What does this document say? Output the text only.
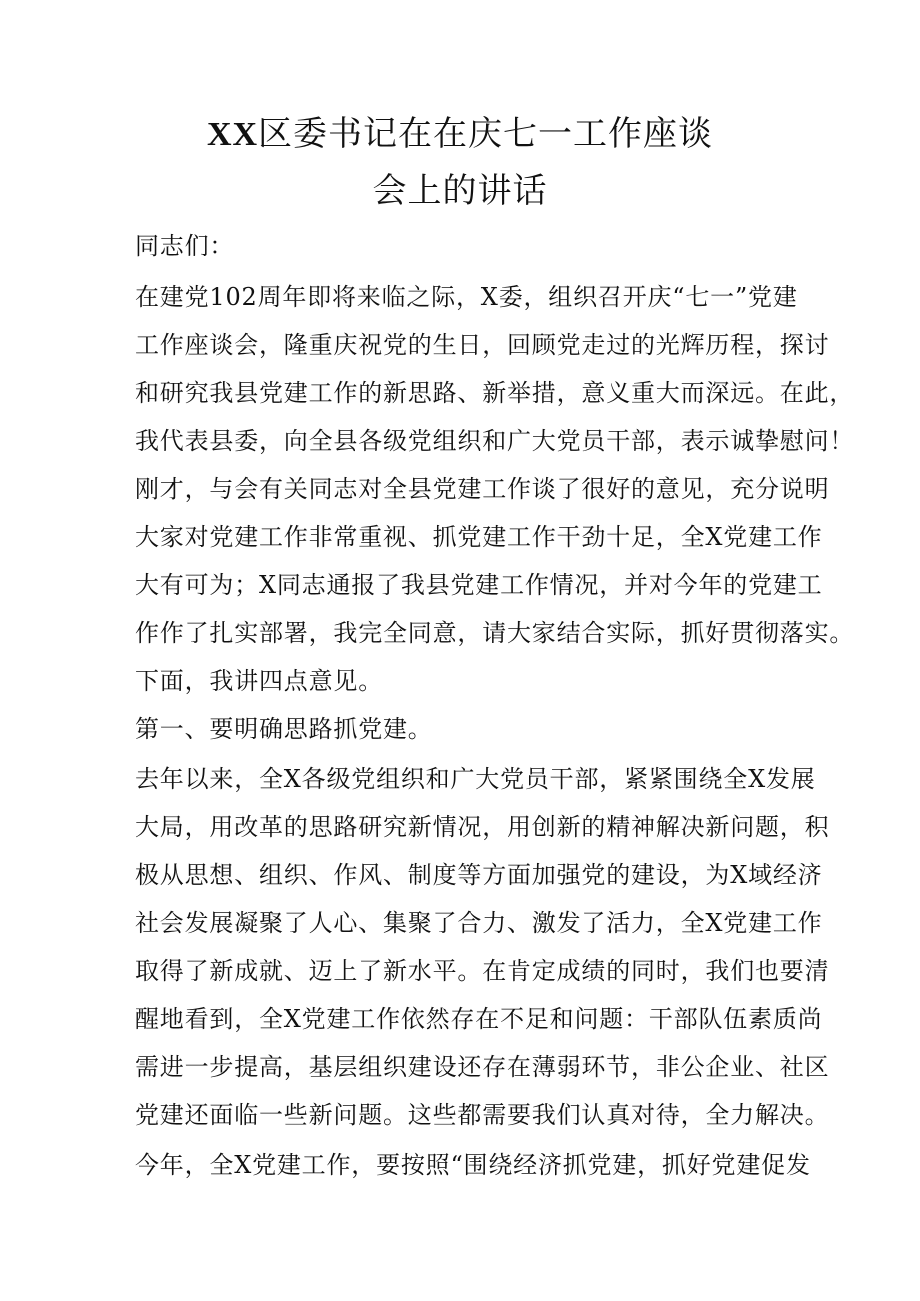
XX区委书记在在庆七一工作座谈
会上的讲话
同志们：
在建党102周年即将来临之际，X委，组织召开庆“七一”党建
工作座谈会，隆重庆祝党的生日，回顾党走过的光辉历程，探讨
和研究我县党建工作的新思路、新举措，意义重大而深远。在此，
我代表县委，向全县各级党组织和广大党员干部，表示诚挚慰问！
刚才，与会有关同志对全县党建工作谈了很好的意见，充分说明
大家对党建工作非常重视、抓党建工作干劲十足，全X党建工作
大有可为；X同志通报了我县党建工作情况，并对今年的党建工
作作了扎实部署，我完全同意，请大家结合实际，抓好贯彻落实。
下面，我讲四点意见。
第一、要明确思路抓党建。
去年以来，全X各级党组织和广大党员干部，紧紧围绕全X发展
大局，用改革的思路研究新情况，用创新的精神解决新问题，积
极从思想、组织、作风、制度等方面加强党的建设，为X域经济
社会发展凝聚了人心、集聚了合力、激发了活力，全X党建工作
取得了新成就、迈上了新水平。在肯定成绩的同时，我们也要清
醒地看到，全X党建工作依然存在不足和问题：干部队伍素质尚
需进一步提高，基层组织建设还存在薄弱环节，非公企业、社区
党建还面临一些新问题。这些都需要我们认真对待，全力解决。
今年，全X党建工作，要按照“围绕经济抓党建，抓好党建促发
